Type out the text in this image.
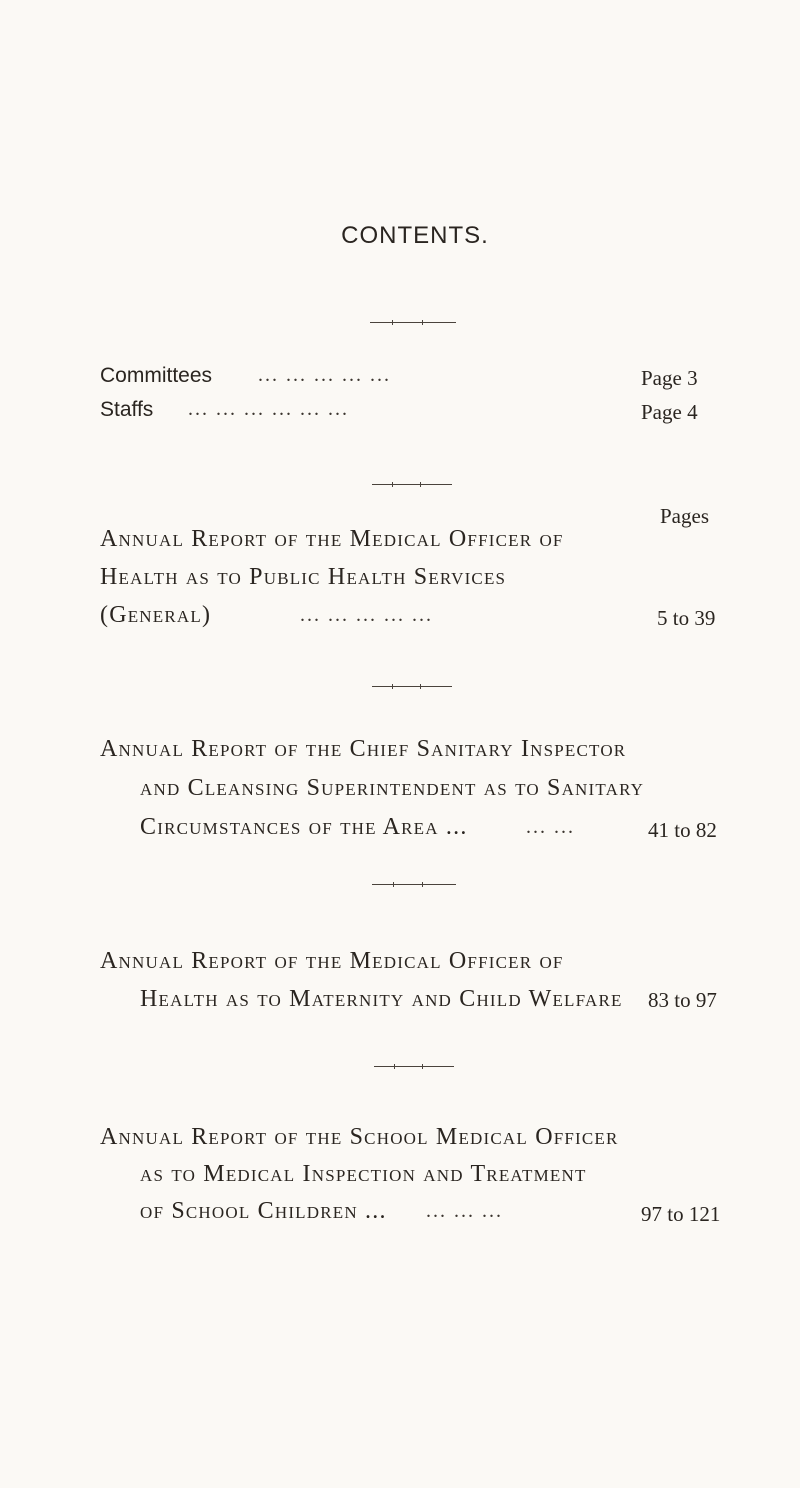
CONTENTS.
Committees ... ... ... ... ...	Page 3
Staffs ... ... ... ... ... ...	Page 4
Pages
Annual Report of the Medical Officer of
Health as to Public Health Services
(General)	... ... ... ... ...	5 to 39
Annual Report of the Chief Sanitary Inspector
and Cleansing Superintendent as to Sanitary
Circumstances of the Area ...	... ...	41 to 82
Annual Report of the Medical Officer of
Health as to Maternity and Child Welfare 83 to 97
Annual Report of the School Medical Officer
as to Medical Inspection and Treatment
of School Children ... ... ... ...	97 to 121
